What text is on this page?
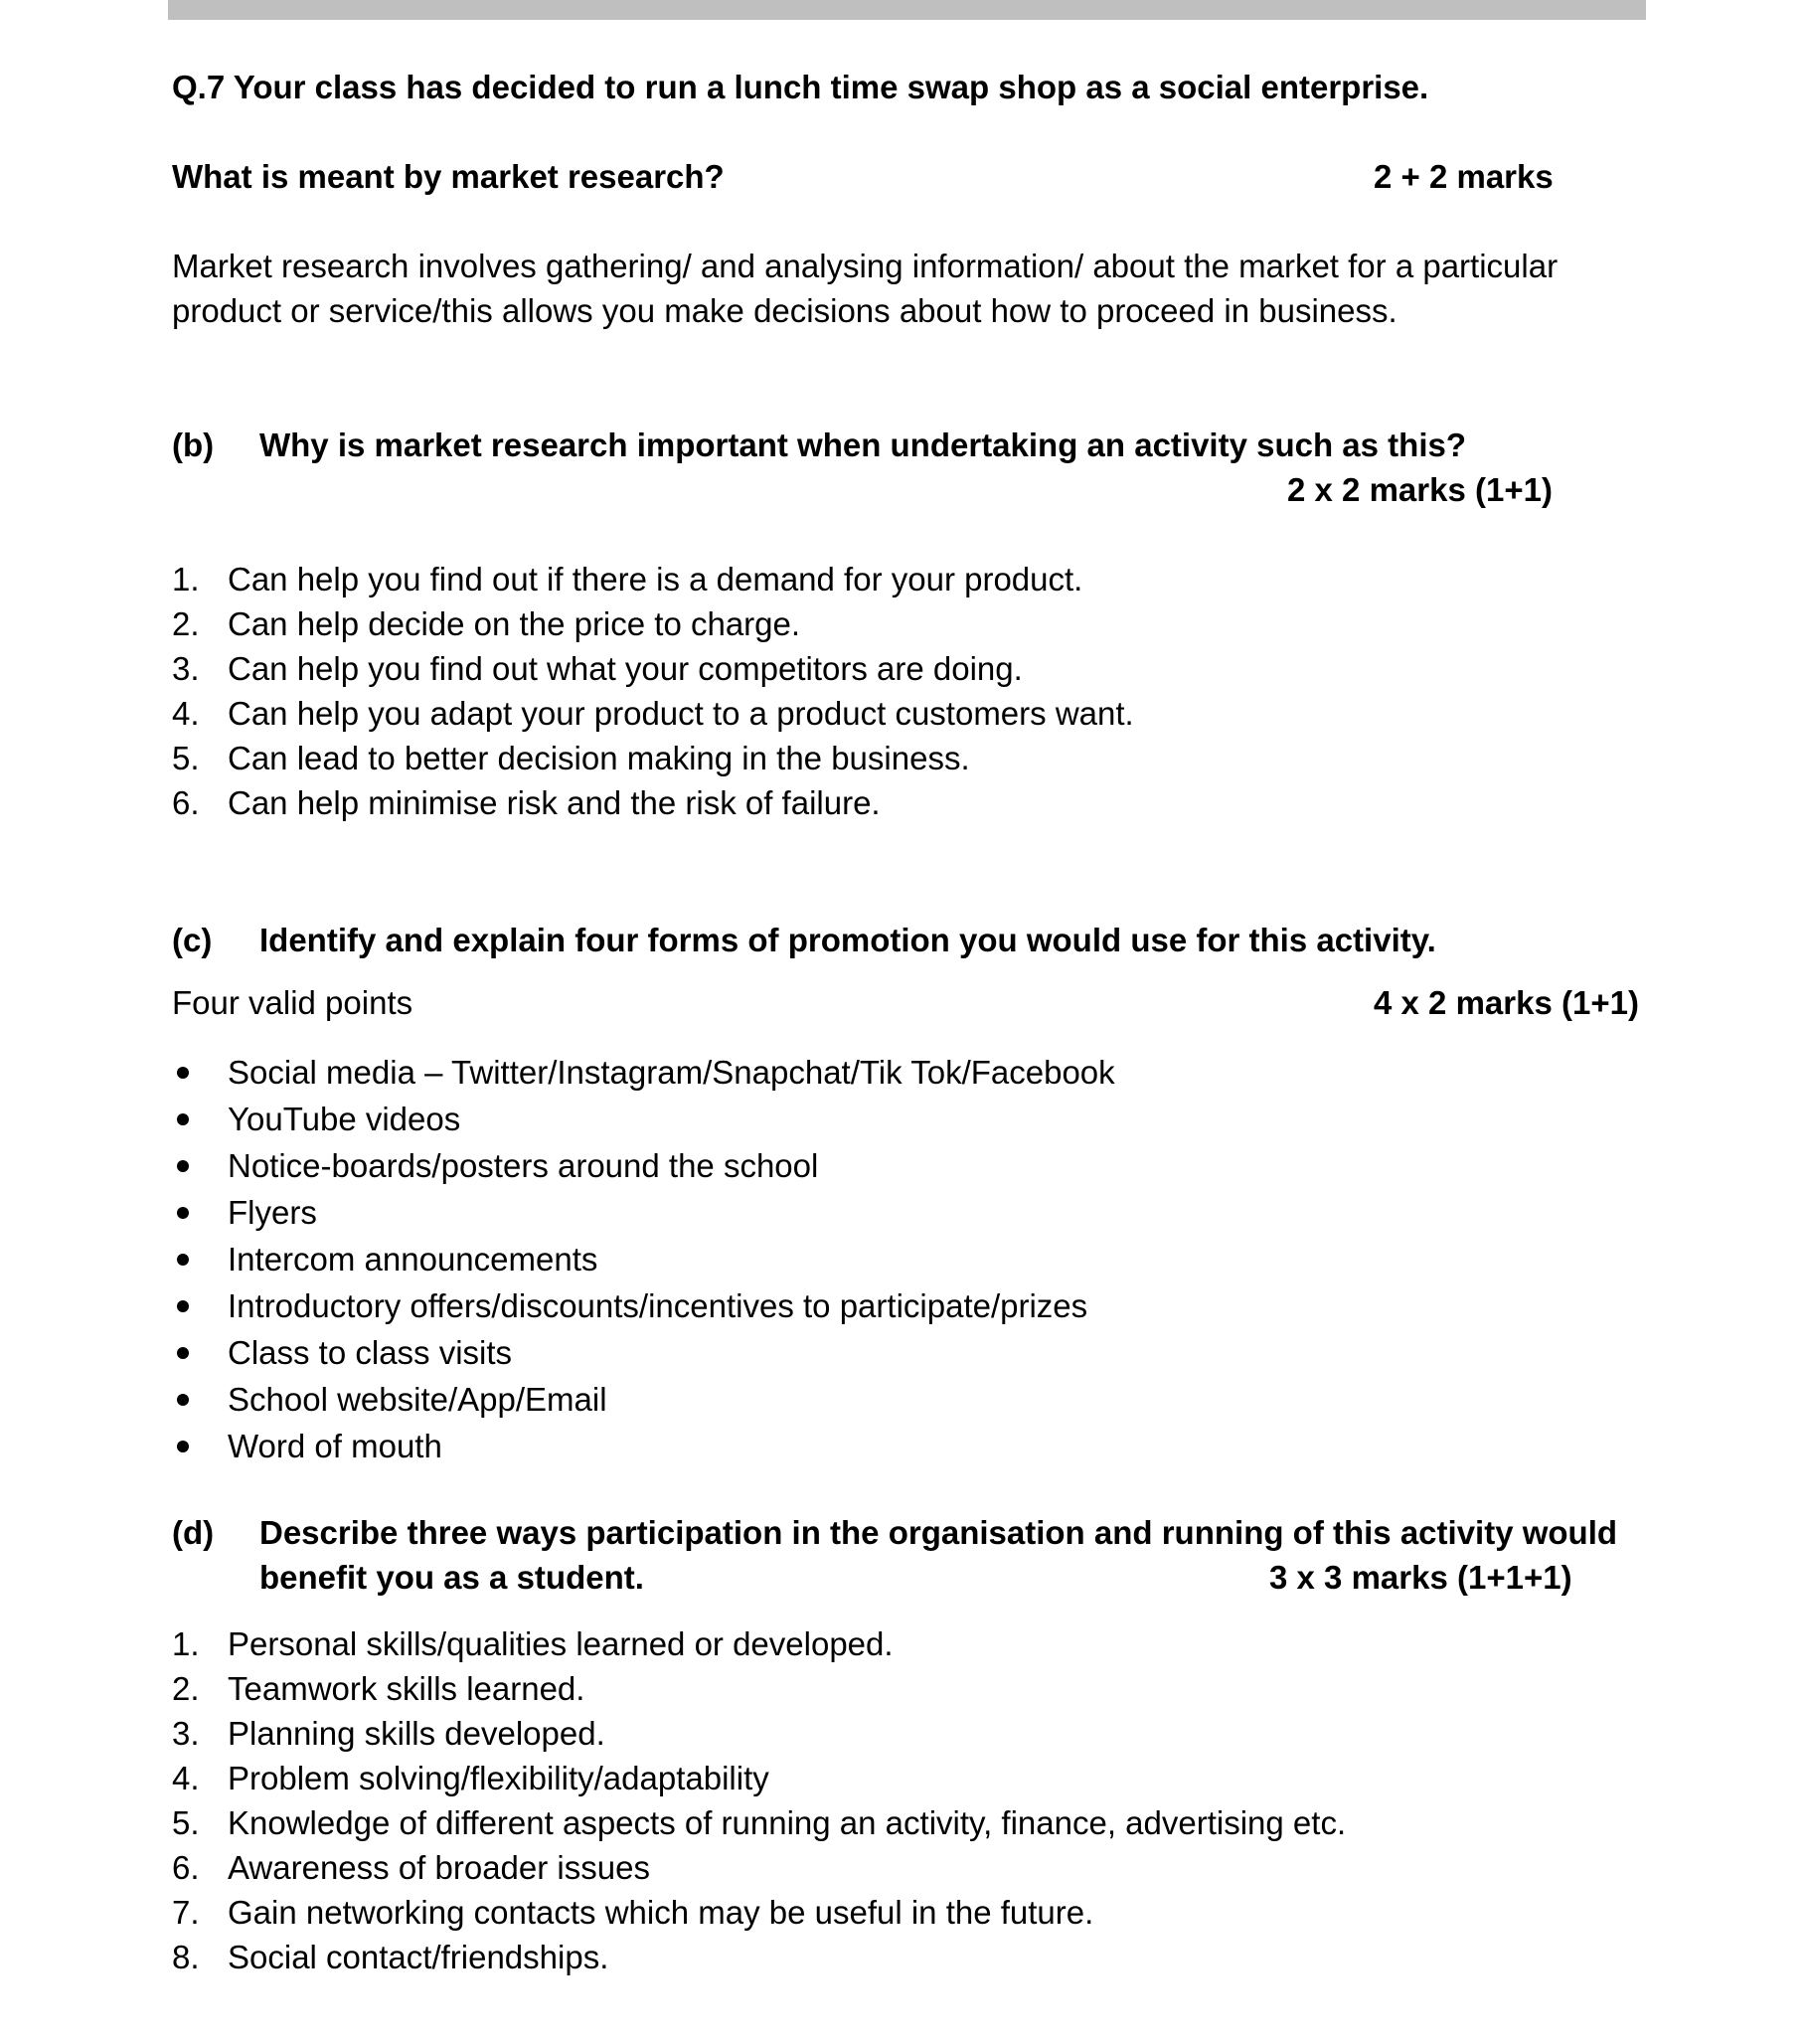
Q.7 Your class has decided to run a lunch time swap shop as a social enterprise.
What is meant by market research?	2 + 2 marks
Market research involves gathering/ and analysing information/ about the market for a particular
product or service/this allows you make decisions about how to proceed in business.
(b) Why is market research important when undertaking an activity such as this?
2 x 2 marks (1+1)
1. Can help you find out if there is a demand for your product.
2. Can help decide on the price to charge.
3. Can help you find out what your competitors are doing.
4. Can help you adapt your product to a product customers want.
5. Can lead to better decision making in the business.
6. Can help minimise risk and the risk of failure.
(c) Identify and explain four forms of promotion you would use for this activity.
Four valid points	4 x 2 marks (1+1)
Social media – Twitter/Instagram/Snapchat/Tik Tok/Facebook
YouTube videos
Notice-boards/posters around the school
Flyers
Intercom announcements
Introductory offers/discounts/incentives to participate/prizes
Class to class visits
School website/App/Email
Word of mouth
(d) Describe three ways participation in the organisation and running of this activity would
benefit you as a student.	3 x 3 marks (1+1+1)
1. Personal skills/qualities learned or developed.
2. Teamwork skills learned.
3. Planning skills developed.
4. Problem solving/flexibility/adaptability
5. Knowledge of different aspects of running an activity, finance, advertising etc.
6. Awareness of broader issues
7. Gain networking contacts which may be useful in the future.
8. Social contact/friendships.
